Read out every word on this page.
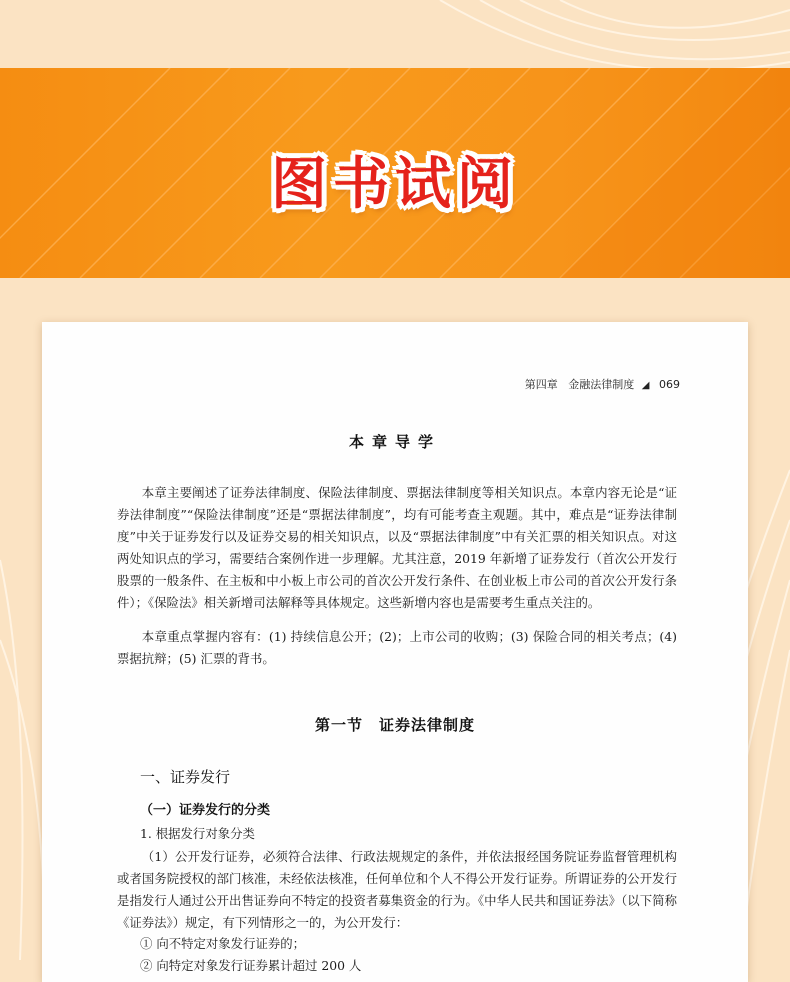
图书试阅
第四章 金融法律制度 ◢ 069
本章导学

本章主要阐述了证券法律制度、保险法律制度、票据法律制度等相关知识点。本章内容无论是“证券法律制度”“保险法律制度”还是“票据法律制度”，均有可能考查主观题。其中，难点是“证券法律制度”中关于证券发行以及证券交易的相关知识点，以及“票据法律制度”中有关汇票的相关知识点。对这两处知识点的学习，需要结合案例作进一步理解。尤其注意，2019 年新增了证券发行（首次公开发行股票的一般条件、在主板和中小板上市公司的首次公开发行条件、在创业板上市公司的首次公开发行条件）；《保险法》相关新增司法解释等具体规定。这些新增内容也是需要考生重点关注的。

本章重点掌握内容有：(1) 持续信息公开；(2)；上市公司的收购；(3) 保险合同的相关考点；(4) 票据抗辩；(5) 汇票的背书。

第一节　证券法律制度
一、证券发行
（一）证券发行的分类
1. 根据发行对象分类

（1）公开发行证券，必须符合法律、行政法规规定的条件，并依法报经国务院证券监督管理机构或者国务院授权的部门核准，未经依法核准，任何单位和个人不得公开发行证券。所谓证券的公开发行是指发行人通过公开出售证券向不特定的投资者募集资金的行为。《中华人民共和国证券法》（以下简称《证券法》）规定，有下列情形之一的，为公开发行：

① 向不特定对象发行证券的；
② 向特定对象发行证券累计超过 200 人
